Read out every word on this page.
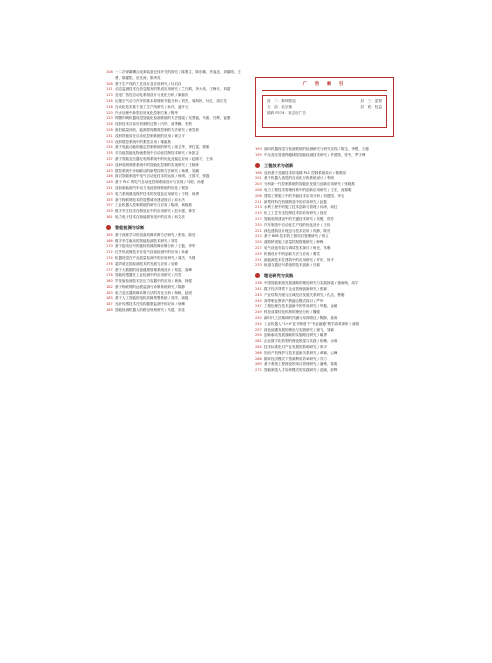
广 告 索 引
封　二：斯坤智造	封　三：雷程
文　前：北京赛	封　底：桂益
插码 P274：务态杜广告
108 一二次弹簧耦合成套装备总体开关的探究 / 陈胜文，陈东鹏，许福忠，刘耀明，王勇，陈耀阳，田先涛，陈秀英
108 基于生产线的工艺设计及应用研究 / 付启存
111 动态监测技术在信息服务的集成应用研究 / 兰白鹤，李大伟，王梅月，刘超
113 变电厂热控自动化系统设计与优化分析 / 柴瑞庆
116 压缩空气动力汽车的基本原理和节能分析 / 刘杰，周海民，付红，周长龙
118 自动化技术基于加工生产线研究 / 孙洋，凌开元
120 汽水处理中新型应用优化控制方案 / 陶华
123 焊膜印刷机器视觉智能化检测系统的方法搜索 / 吴贤盛，马雄，吕辉，崔蕾
126 浅析技术自检后机制的过程 / 闫华，高季鹏，史熊
128 废旧能量回收，能源蒙现精准控制的方法研究 / 徐雪晨
131 浅析铁板用在自动化控制系统的应用 / 黄文平
133 浅析数控系统中的柔性应用 / 秦丽燕
134 基于电能功能的稳定控制系统的研究 / 周卫华，李红雷，程聪
135 多功能智能化物流系统中自动化控制技术研究 / 孙凯宝
137 基于智能变压器在电网系统中的优化及稳定应用 / 赵刚才，王伟
140 浅析电网调度系统中的智能化控制的实现研究 / 王晓钟
143 数控系统中多轴联动的新型控制方法研究 / 杨勇，吴鹏
146 探讨智能制造中电气自动化技术的运用 / 徐琪，王国平，张磊
149 基于 PLC 的电气自动化控制系统设计与实现 / 马明，孙强
151 浅析新能源汽车动力电池管理系统的优化 / 程剑
153 电力系统继电保护技术的发展及应用研究 / 于婷，徐勇
155 基于物联网技术的智慧城市建设探讨 / 邓永杰
157 工业机器人控制系统的研究与应用 / 陈涛，黄晓燕
159 数字孪生技术在制造业中的应用研究 / 赵永强，林芳
161 电力电子技术在新能源发电中的应用 / 何文亮
智能检测与诊断
165 基于深度学习的设备故障诊断方法研究 / 张伟，陈亮
168 数字孪生驱动的智能检测技术研究 / 刘芳
170 基于振动信号的旋转机械故障诊断分析 / 王磊，李军
172 红外热成像技术在电气设备检测中的应用 / 孙丽
174 机器视觉在产品质量检测中的应用研究 / 周杰，马强
176 超声波无损检测技术的发展与应用 / 吴敏
177 基于大数据的设备健康管理系统设计 / 郑浩，高峰
178 智能传感器在工业检测中的应用研究 / 冯雪
180 声发射检测技术在压力容器中的应用 / 黄涛，林强
182 基于物联网的远程监测与诊断系统研究 / 陈静
183 电力变压器故障诊断方法的对比分析 / 杨帆，赵明
185 基于人工智能的电机故障预警系统 / 刘洋，唐磊
187 光纤传感技术在结构健康监测中的应用 / 徐琳
189 智能检测机器人的路径规划研究 / 马超，宋佳
193 面向机器视觉与检测系统的检测研究与研究实现 / 陈宝，李想，王健
195 中压高压管道焊缝缺陷智能检测技术研究 / 许建勋，张韦，罗宇博
工程技术与创新
198 浅析基于变频技术的电梯 PLC 控制系统设计 / 陈俊泉
201 基于机器人视觉的自动化分拣系统设计 / 李明
203 分析新一代控制系统的智能化发展与创新应用研究 / 张晓燕
206 电力工程技术管理体系中的创新应用研究 / 王宏，高瑞明
208 建筑工程施工中的节能技术应用分析 / 刘建国，李玉
211 新型材料在机械制造中的应用研究 / 赵磊
213 水利工程中的施工技术创新与管理 / 孙涛，周红
215 化工工艺安全控制技术的应用研究 / 钱亮
217 智能电网建设中的关键技术研究 / 吴俊，郑芳
220 汽车制造中自动化生产线的优化设计 / 王伟
221 绿色建筑设计理念与技术应用 / 冯静，陈亮
223 基于 BIM 技术的工程项目管理研究 / 蒋立
225 道路桥梁施工质量控制措施研究 / 韩梅
227 电气设备安装与调试技术探讨 / 杨光，朱琳
229 机械设计中的创新方法与应用 / 秦雪
231 新能源技术在建筑中的应用研究 / 许东，何平
233 轨道交通信号系统的技术创新 / 吕斌
理论研究与实践
238 中国智能制造发展战略的理论研究与实践探索 / 施雨萌，周宇
241 数字经济背景下企业管理创新研究 / 张颖
243 产业结构升级与区域经济发展关系研究 / 孔洁，曹刚
245 高等职业教育产教融合模式探讨 / 严华
247 工程伦理在技术创新中的作用研究 / 华磊，金敏
249 科技成果转化机制的理论分析 / 魏强
250 新时代工匠精神的内涵与培育路径 / 陶静，姜涛
254 工业机器人“1+X”证书制度下“书证融通”教学改革探析 / 戚明
257 绿色低碳发展的理论与实践研究 / 谢飞，邹颖
259 创新驱动发展战略的实施路径研究 / 喻勇
262 企业数字化转型的理论框架与实践 / 柏琳，水涛
264 技术标准化对产业发展的影响研究 / 窦平
266 知识产权保护与技术创新关系研究 / 章颖，云峰
268 循环经济模式下资源利用效率研究 / 苏力
269 基于系统工程理论的项目管理研究 / 潘博，葛明
272 智能制造人才培养模式的实践研究 / 范晓，彭辉
